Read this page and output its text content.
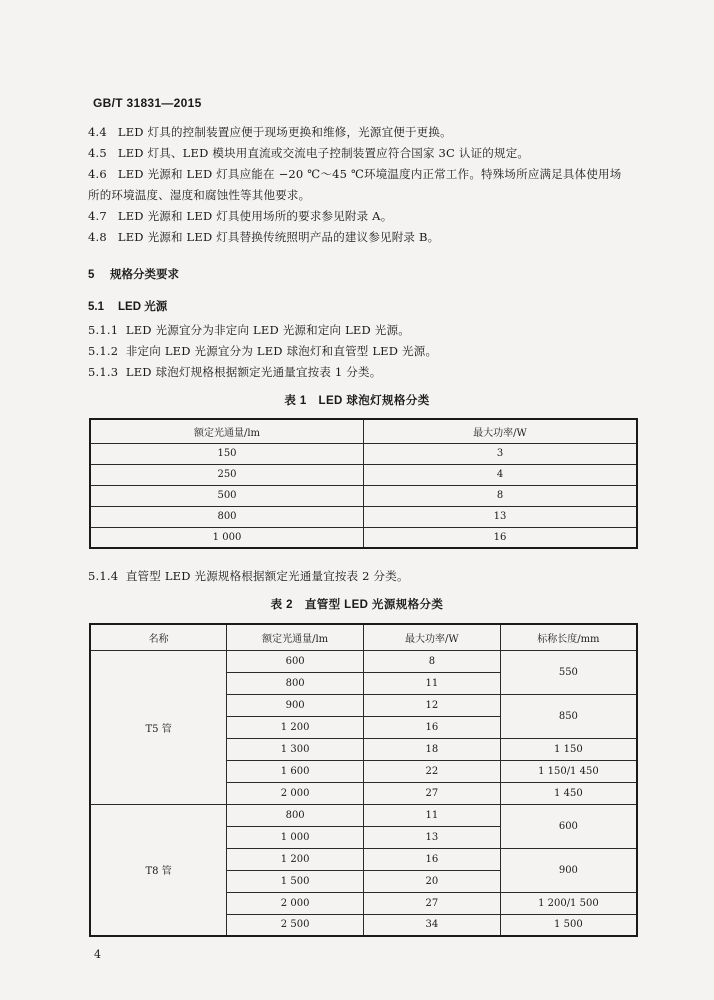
GB/T 31831—2015
4.4 LED 灯具的控制装置应便于现场更换和维修，光源宜便于更换。
4.5 LED 灯具、LED 模块用直流或交流电子控制装置应符合国家 3C 认证的规定。
4.6 LED 光源和 LED 灯具应能在 −20 ℃～45 ℃环境温度内正常工作。特殊场所应满足具体使用场
所的环境温度、湿度和腐蚀性等其他要求。
4.7 LED 光源和 LED 灯具使用场所的要求参见附录 A。
4.8 LED 光源和 LED 灯具替换传统照明产品的建议参见附录 B。
5 规格分类要求
5.1 LED 光源
5.1.1 LED 光源宜分为非定向 LED 光源和定向 LED 光源。
5.1.2 非定向 LED 光源宜分为 LED 球泡灯和直管型 LED 光源。
5.1.3 LED 球泡灯规格根据额定光通量宜按表 1 分类。
表 1　LED 球泡灯规格分类
额定光通量/lm	最大功率/W
150	3
250	4
500	8
800	13
1 000	16
5.1.4 直管型 LED 光源规格根据额定光通量宜按表 2 分类。
表 2　直管型 LED 光源规格分类
名称	额定光通量/lm	最大功率/W	标称长度/mm
T5 管	600	8	550
	800	11	
	900	12	850
	1 200	16	
	1 300	18	1 150
	1 600	22	1 150/1 450
	2 000	27	1 450
T8 管	800	11	600
	1 000	13	
	1 200	16	900
	1 500	20	
	2 000	27	1 200/1 500
	2 500	34	1 500
4
